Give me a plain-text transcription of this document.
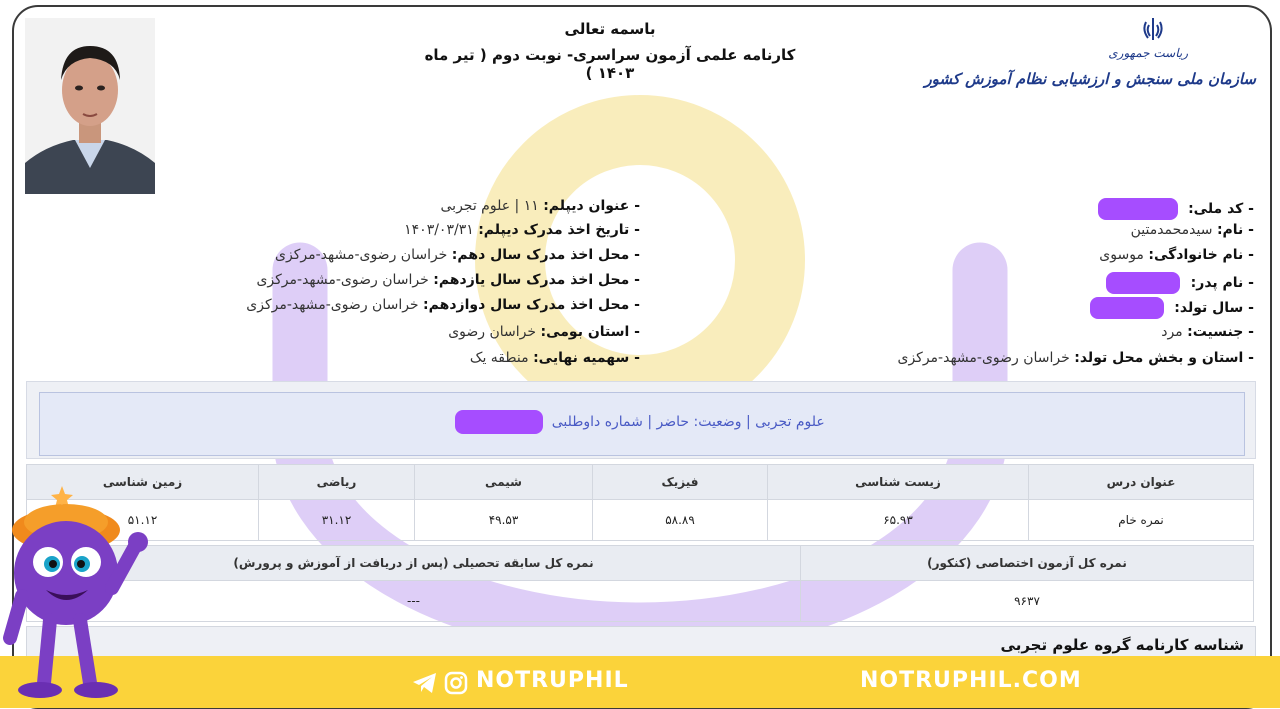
باسمه تعالی
کارنامه علمی آزمون سراسری- نوبت دوم ( تیر ماه ۱۴۰۳ )
ریاست جمهوری
سازمان ملی سنجش و ارزشیابی نظام آموزش کشور
- کد ملی:
- نام: سیدمحمدمتین
- نام خانوادگی: موسوی
- نام پدر:
- سال تولد:
- جنسیت: مرد
- استان و بخش محل تولد: خراسان رضوی-مشهد-مرکزی
- عنوان دیپلم: ۱۱ | علوم تجربی
- تاریخ اخذ مدرک دیپلم: ۱۴۰۳/۰۳/۳۱
- محل اخذ مدرک سال دهم: خراسان رضوی-مشهد-مرکزی
- محل اخذ مدرک سال یازدهم: خراسان رضوی-مشهد-مرکزی
- محل اخذ مدرک سال دوازدهم: خراسان رضوی-مشهد-مرکزی
- استان بومی: خراسان رضوی
- سهمیه نهایی: منطقه یک
علوم تجربی | وضعیت: حاضر | شماره داوطلبی
عنوان درس	زیست شناسی	فیزیک	شیمی	ریاضی	زمین شناسی
نمره خام	۶۵.۹۳	۵۸.۸۹	۴۹.۵۳	۳۱.۱۲	۵۱.۱۲
نمره کل آزمون اختصاصی (کنکور)	نمره کل سابقه تحصیلی (پس از دریافت از آموزش و پرورش)
۹۶۳۷	---
شناسه کارنامه گروه علوم تجربی
NOTRUPHIL	NOTRUPHIL.COM
